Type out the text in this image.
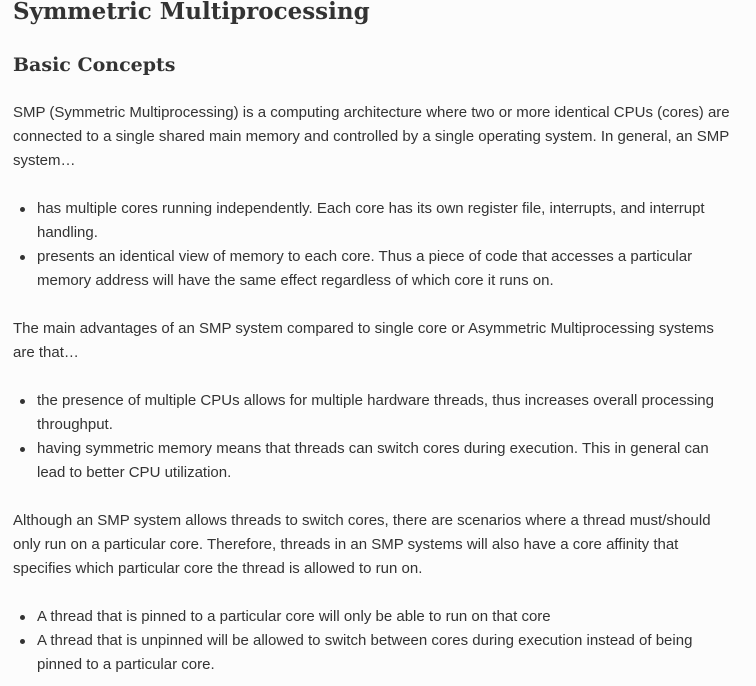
Symmetric Multiprocessing
Basic Concepts

SMP (Symmetric Multiprocessing) is a computing architecture where two or more identical CPUs (cores) are connected to a single shared main memory and controlled by a single operating system. In general, an SMP system…

has multiple cores running independently. Each core has its own register file, interrupts, and interrupt handling.
presents an identical view of memory to each core. Thus a piece of code that accesses a particular memory address will have the same effect regardless of which core it runs on.

The main advantages of an SMP system compared to single core or Asymmetric Multiprocessing systems are that…

the presence of multiple CPUs allows for multiple hardware threads, thus increases overall processing throughput.
having symmetric memory means that threads can switch cores during execution. This in general can lead to better CPU utilization.

Although an SMP system allows threads to switch cores, there are scenarios where a thread must/should only run on a particular core. Therefore, threads in an SMP systems will also have a core affinity that specifies which particular core the thread is allowed to run on.

A thread that is pinned to a particular core will only be able to run on that core
A thread that is unpinned will be allowed to switch between cores during execution instead of being pinned to a particular core.
